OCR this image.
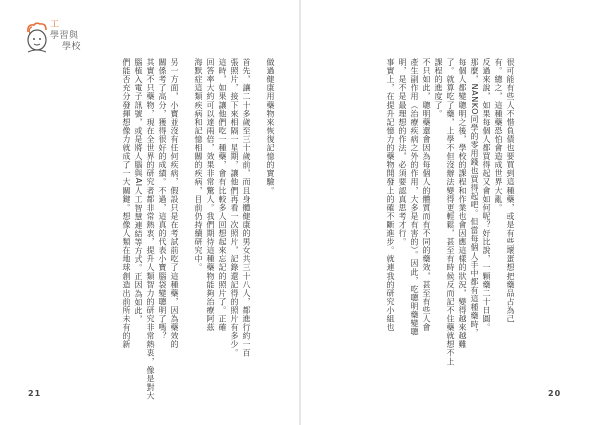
工
學習與
學校
做過健康用藥物來恢復記憶的實驗。
首先，讓二十多歲至三十歲前，而且身體健康的男女共三十八人，都進行約一百
張照片，接下來相隔一星期，讓他們再看一次照片，記錄還記得的照片有多少。
這時，如果讓他們吃一種藥，會有比較多人回想起來忘記的照片了。正確
回答率大約可以達兩倍，效果非常驚人。我們期待這種藥物能夠治療阿茲
海默症這類疾病和記憶相關的疾病，目前仍持續研究中。
另一方面，小寶並沒有任何疾病，假設只是在考試前吃了這種藥，因為藥效的
關係考了高分，獲得很好的成績。不過，這真的代表小寶腦袋變聰明了嗎？
其實不只藥物，現在全世界的研究者都非常熱衷，提升人類智力的研究非常熱衷，像是對大
腦植入電子訊號，或是將人腦與AI人工智慧連結等方式。正因為如此，
們能否充分發揮想像力就成了一大關鍵。想像人類在地球創造出前所未有的新
21
很可能有些人不惜負債也要買到這種藥，或是有些壞蛋想把藥品占為己
有。總之，這種藥恐怕會造成世界大亂。
反過來說，如果每個人都買得起又會如何呢？好比說，一顆藥二十日圓。
那麼，NANKO同學的零用錢也買得起吧。但當每個人手中都有這種藥時，
每個人都變聰明之後，學校的課程和作業也會因應這樣的狀況，變得越來越難
了。就算吃了藥，上學不但沒辦法變得更輕鬆，甚至有時候反而記不住藥就想不上
課程的進度了。
不只如此，聰明藥還會因為每個人的體質而有不同的藥效，甚至有些人會
產生副作用（治療疾病之外的作用，大多是有害的）。因此，吃聰明藥變聰
明，是不是最理想的作法，必須要認真思考才行。
事實上，在提升記憶力的藥物開發上的確不斷進步。就連我的研究小組也
20
